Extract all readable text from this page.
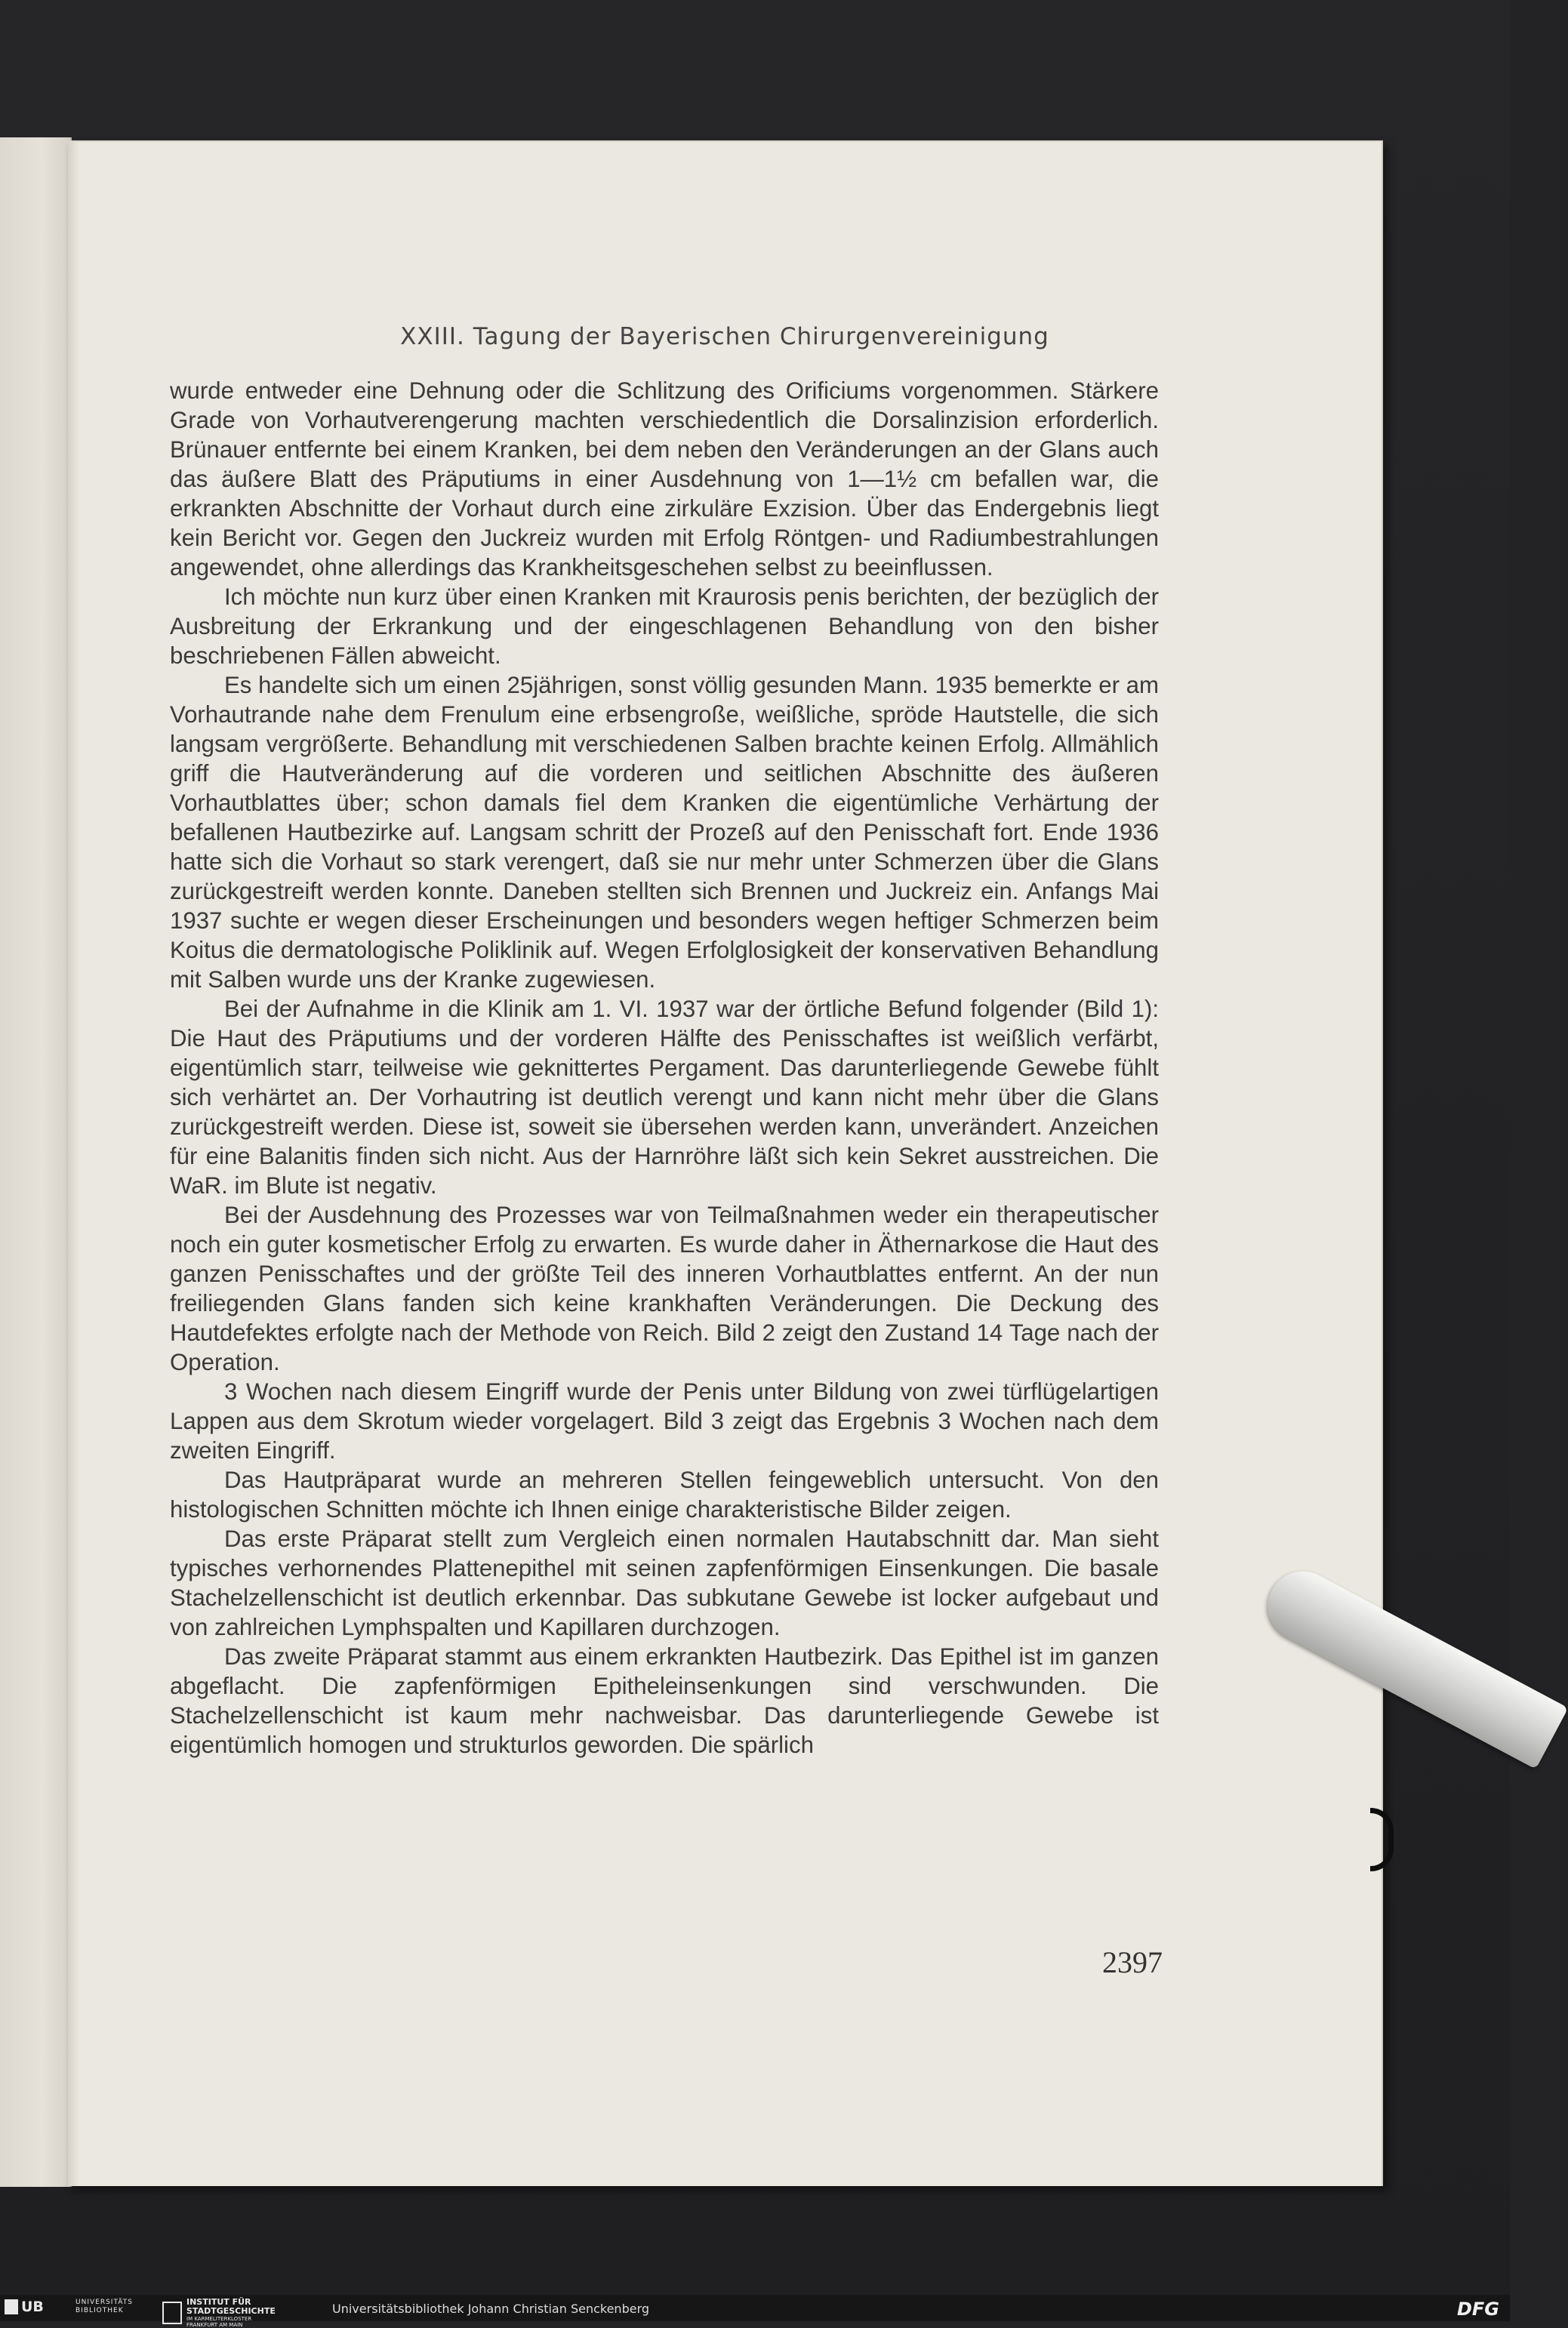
XXIII. Tagung der Bayerischen Chirurgenvereinigung

wurde entweder eine Dehnung oder die Schlitzung des Orificiums vorgenommen. Stärkere Grade von Vorhautverengerung machten verschiedentlich die Dorsalinzision erforderlich. Brünauer entfernte bei einem Kranken, bei dem neben den Veränderungen an der Glans auch das äußere Blatt des Präputiums in einer Ausdehnung von 1—1½ cm befallen war, die erkrankten Abschnitte der Vorhaut durch eine zirkuläre Exzision. Über das Endergebnis liegt kein Bericht vor. Gegen den Juckreiz wurden mit Erfolg Röntgen- und Radiumbestrahlungen angewendet, ohne allerdings das Krankheitsgeschehen selbst zu beeinflussen.

Ich möchte nun kurz über einen Kranken mit Kraurosis penis berichten, der bezüglich der Ausbreitung der Erkrankung und der eingeschlagenen Behandlung von den bisher beschriebenen Fällen abweicht.

Es handelte sich um einen 25jährigen, sonst völlig gesunden Mann. 1935 bemerkte er am Vorhautrande nahe dem Frenulum eine erbsengroße, weißliche, spröde Hautstelle, die sich langsam vergrößerte. Behandlung mit verschiedenen Salben brachte keinen Erfolg. Allmählich griff die Hautveränderung auf die vorderen und seitlichen Abschnitte des äußeren Vorhautblattes über; schon damals fiel dem Kranken die eigentümliche Verhärtung der befallenen Hautbezirke auf. Langsam schritt der Prozeß auf den Penisschaft fort. Ende 1936 hatte sich die Vorhaut so stark verengert, daß sie nur mehr unter Schmerzen über die Glans zurückgestreift werden konnte. Daneben stellten sich Brennen und Juckreiz ein. Anfangs Mai 1937 suchte er wegen dieser Erscheinungen und besonders wegen heftiger Schmerzen beim Koitus die dermatologische Poliklinik auf. Wegen Erfolglosigkeit der konservativen Behandlung mit Salben wurde uns der Kranke zugewiesen.

Bei der Aufnahme in die Klinik am 1. VI. 1937 war der örtliche Befund folgender (Bild 1): Die Haut des Präputiums und der vorderen Hälfte des Penisschaftes ist weißlich verfärbt, eigentümlich starr, teilweise wie geknittertes Pergament. Das darunterliegende Gewebe fühlt sich verhärtet an. Der Vorhautring ist deutlich verengt und kann nicht mehr über die Glans zurückgestreift werden. Diese ist, soweit sie übersehen werden kann, unverändert. Anzeichen für eine Balanitis finden sich nicht. Aus der Harnröhre läßt sich kein Sekret ausstreichen. Die WaR. im Blute ist negativ.

Bei der Ausdehnung des Prozesses war von Teilmaßnahmen weder ein therapeutischer noch ein guter kosmetischer Erfolg zu erwarten. Es wurde daher in Äthernarkose die Haut des ganzen Penisschaftes und der größte Teil des inneren Vorhautblattes entfernt. An der nun freiliegenden Glans fanden sich keine krankhaften Veränderungen. Die Deckung des Hautdefektes erfolgte nach der Methode von Reich. Bild 2 zeigt den Zustand 14 Tage nach der Operation.

3 Wochen nach diesem Eingriff wurde der Penis unter Bildung von zwei türflügelartigen Lappen aus dem Skrotum wieder vorgelagert. Bild 3 zeigt das Ergebnis 3 Wochen nach dem zweiten Eingriff.

Das Hautpräparat wurde an mehreren Stellen feingeweblich untersucht. Von den histologischen Schnitten möchte ich Ihnen einige charakteristische Bilder zeigen.

Das erste Präparat stellt zum Vergleich einen normalen Hautabschnitt dar. Man sieht typisches verhornendes Plattenepithel mit seinen zapfenförmigen Einsenkungen. Die basale Stachelzellenschicht ist deutlich erkennbar. Das subkutane Gewebe ist locker aufgebaut und von zahlreichen Lymphspalten und Kapillaren durchzogen.

Das zweite Präparat stammt aus einem erkrankten Hautbezirk. Das Epithel ist im ganzen abgeflacht. Die zapfenförmigen Epitheleinsenkungen sind verschwunden. Die Stachelzellenschicht ist kaum mehr nachweisbar. Das darunterliegende Gewebe ist eigentümlich homogen und strukturlos geworden. Die spärlich

2397
UB	UNIVERSITÄTS
BIBLIOTHEK
INSTITUT FÜR
STADTGESCHICHTE
IM KARMELITERKLOSTER
FRANKFURT AM MAIN
Universitätsbibliothek Johann Christian Senckenberg	DFG
